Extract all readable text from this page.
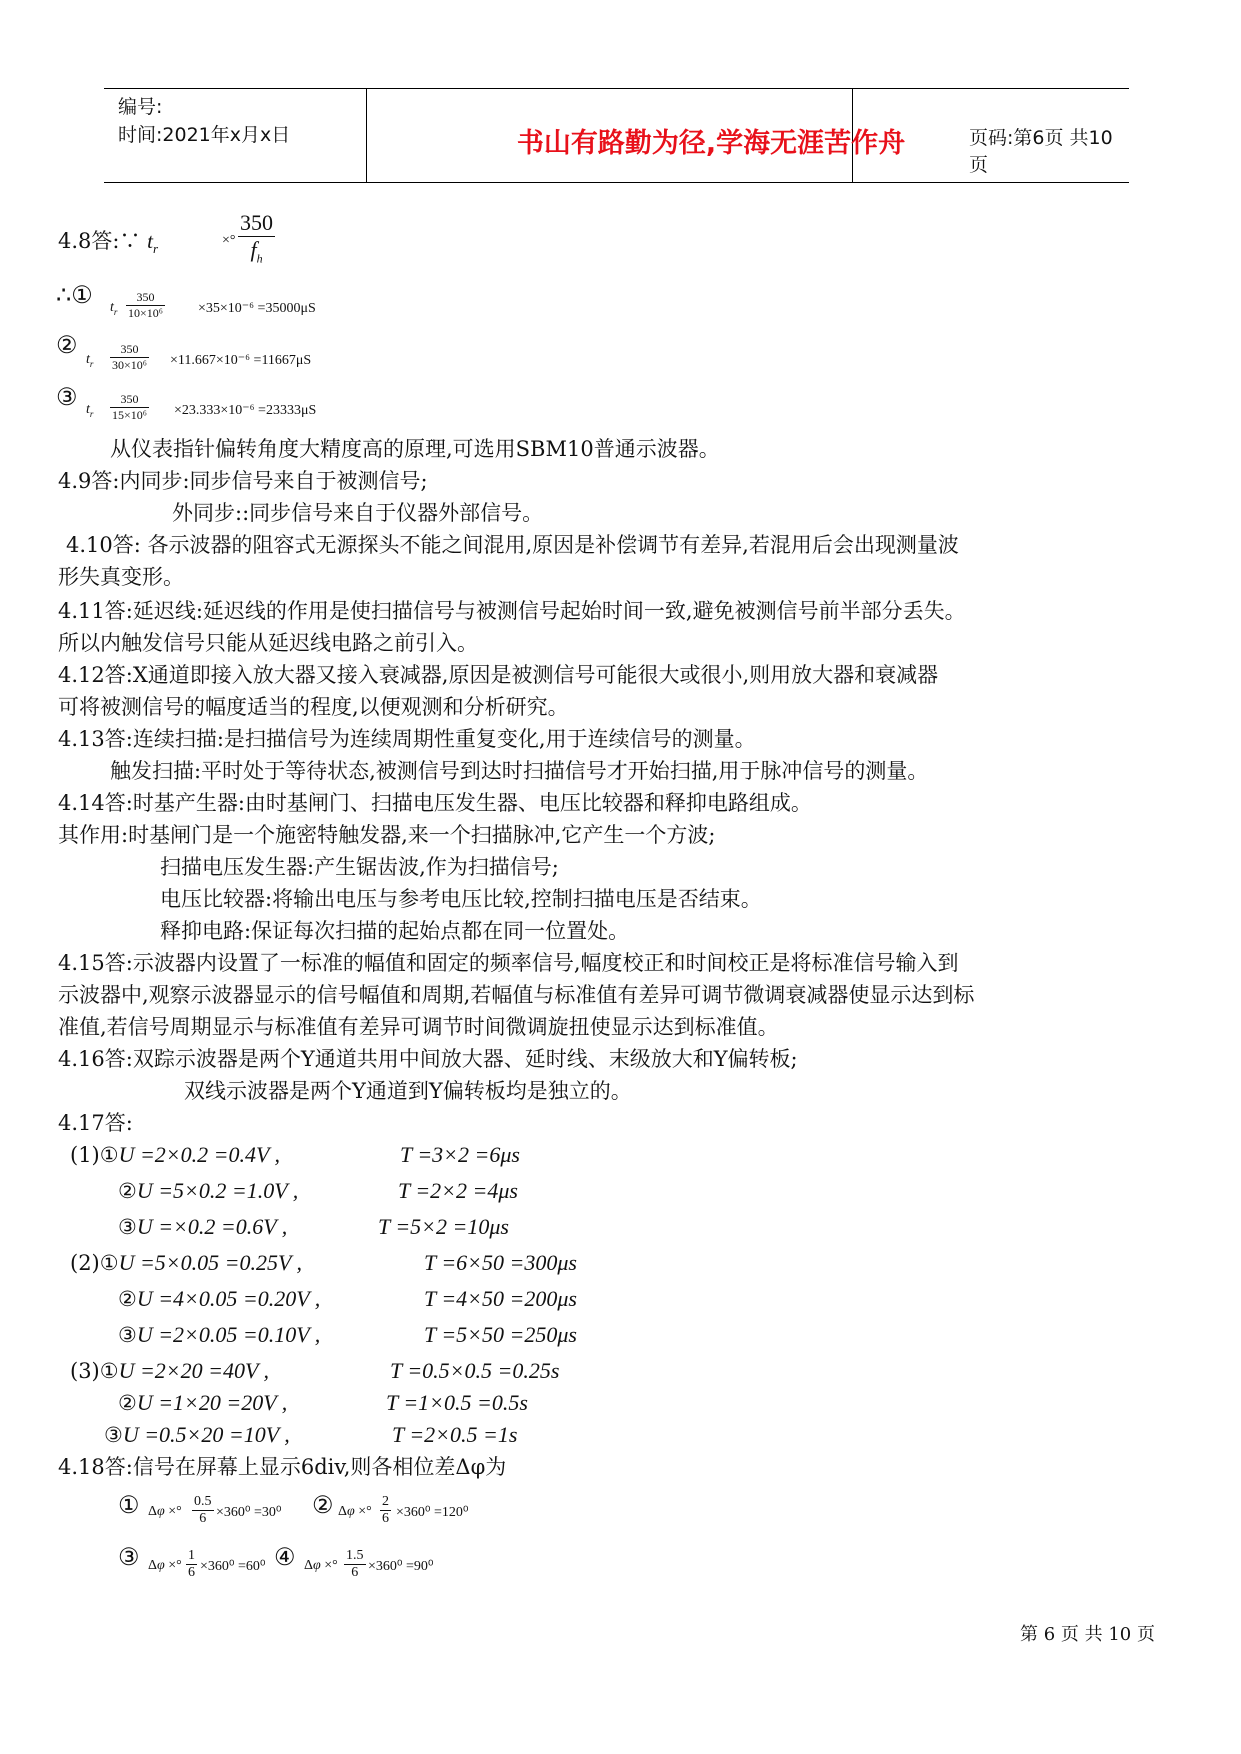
编号:
时间:2021年x月x日	书山有路勤为径,学海无涯苦作舟	页码:第6页 共10页
4.8答:∵ $t_r$
×° $\frac{350}{f_h}$
∴① $t_r \frac{350}{\text{10×10⁶}} \times 35\times 10^{-6} =35000\mu S$
②
$t_r \frac{350}{\text{30×10⁶}} \times 11.667\times 10^{-6} =11667\mu S$
③ $t_r \frac{350}{\text{15×10⁶}} \times 23.333\times 10^{-6} =23333\mu S$
从仪表指针偏转角度大精度高的原理,可选用SBM10普通示波器。
4.9答:内同步:同步信号来自于被测信号;
外同步::同步信号来自于仪器外部信号。
4.10答: 各示波器的阻容式无源探头不能之间混用,原因是补偿调节有差异,若混用后会出现测量波
形失真变形。
4.11答:延迟线:延迟线的作用是使扫描信号与被测信号起始时间一致,避免被测信号前半部分丢失。
所以内触发信号只能从延迟线电路之前引入。
4.12答:X通道即接入放大器又接入衰减器,原因是被测信号可能很大或很小,则用放大器和衰减器
可将被测信号的幅度适当的程度,以便观测和分析研究。
4.13答:连续扫描:是扫描信号为连续周期性重复变化,用于连续信号的测量。
触发扫描:平时处于等待状态,被测信号到达时扫描信号才开始扫描,用于脉冲信号的测量。
4.14答:时基产生器:由时基闸门、扫描电压发生器、电压比较器和释抑电路组成。
其作用:时基闸门是一个施密特触发器,来一个扫描脉冲,它产生一个方波;
扫描电压发生器:产生锯齿波,作为扫描信号;
电压比较器:将输出电压与参考电压比较,控制扫描电压是否结束。
释抑电路:保证每次扫描的起始点都在同一位置处。
4.15答:示波器内设置了一标准的幅值和固定的频率信号,幅度校正和时间校正是将标准信号输入到
示波器中,观察示波器显示的信号幅值和周期,若幅值与标准值有差异可调节微调衰减器使显示达到标
准值,若信号周期显示与标准值有差异可调节时间微调旋扭使显示达到标准值。
4.16答:双踪示波器是两个Y通道共用中间放大器、延时线、末级放大和Y偏转板;
双线示波器是两个Y通道到Y偏转板均是独立的。
4.17答:
(1)①U =2×0.2 =0.4V ,	T =3×2 =6μs
②U =5×0.2 =1.0V ,	T =2×2 =4μs
③U =×0.2 =0.6V ,	T =5×2 =10μs
(2)①U =5×0.05 =0.25V ,	T =6×50 =300μs
②U =4×0.05 =0.20V ,	T =4×50 =200μs
③U =2×0.05 =0.10V ,	T =5×50 =250μs
(3)①U =2×20 =40V ,	T =0.5×0.5 =0.25s
②U =1×20 =20V ,	T =1×0.5 =0.5s
③U =0.5×20 =10V ,	T =2×0.5 =1s
4.18答:信号在屏幕上显示6div,则各相位差Δφ为
① Δφ ×° $\frac{0.5}{6} \times 360^0 =30^0$ ② Δφ ×° $\frac{2}{6} \times 360^0 =120^0$
③ Δφ ×° $\frac{1}{6} \times 360^0 =60^0$ ④ Δφ ×° $\frac{1.5}{6} \times 360^0 =90^0$
第 6 页 共 10 页
